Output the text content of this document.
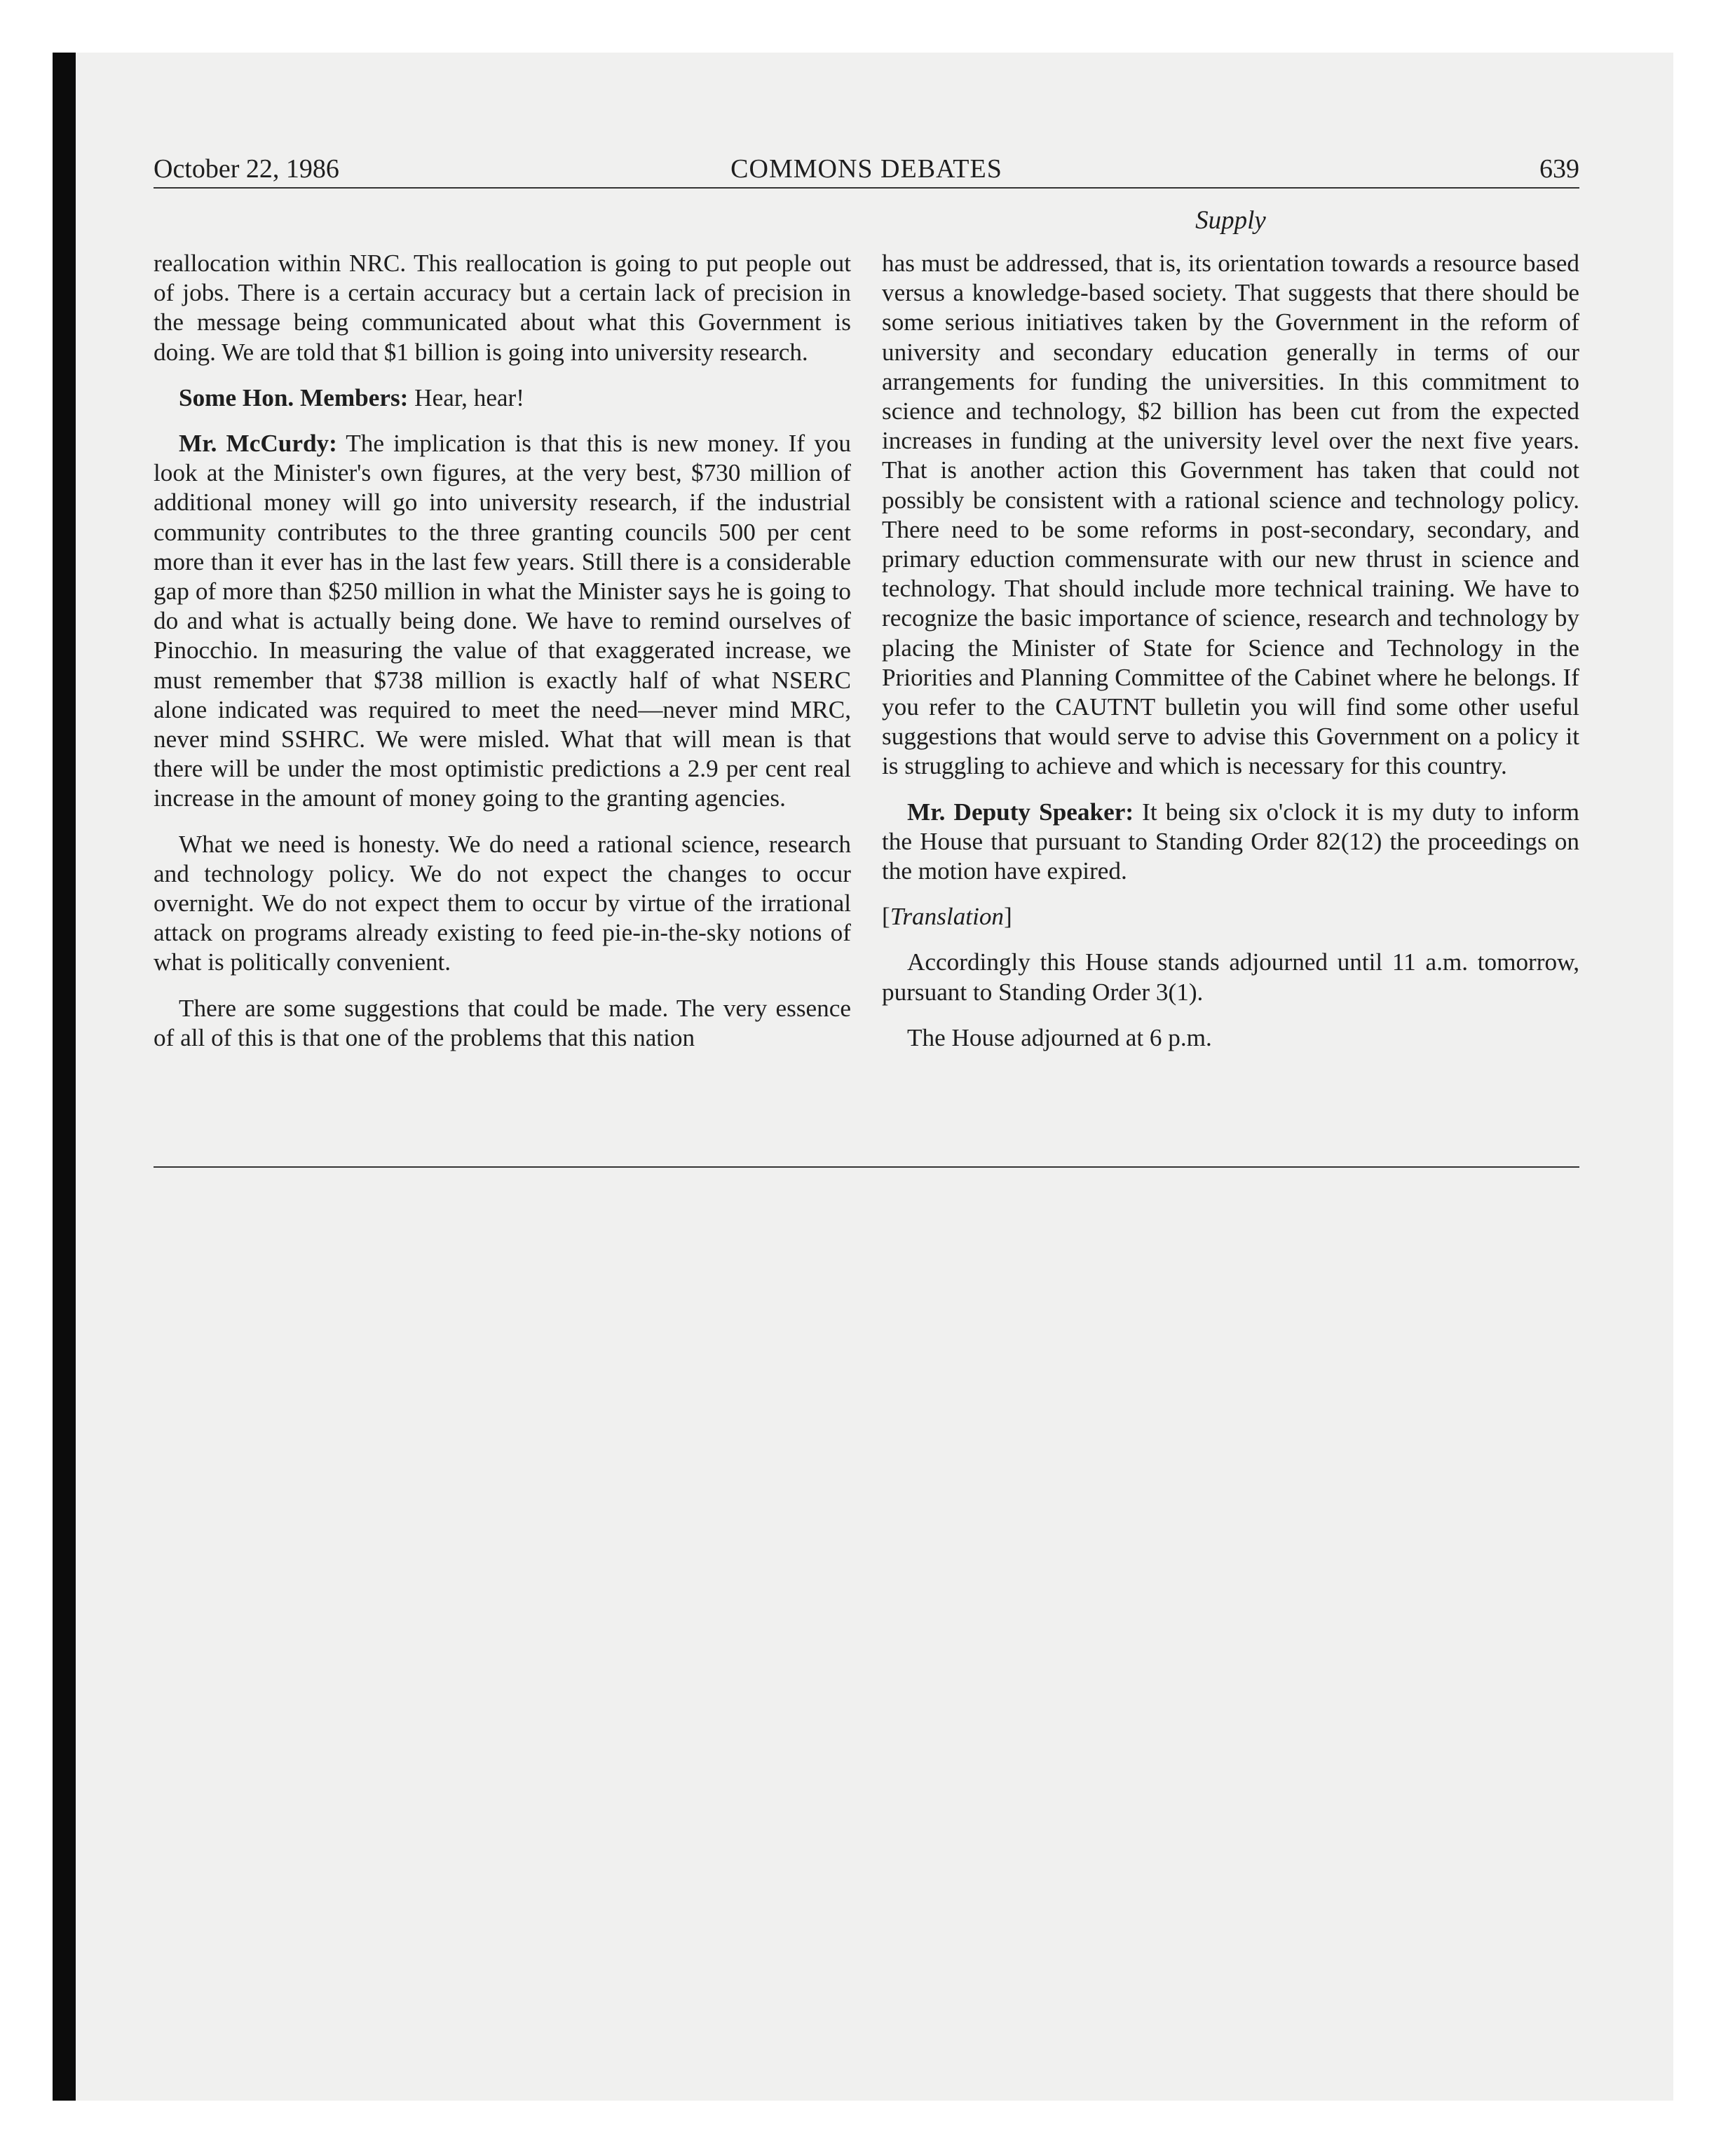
October 22, 1986	COMMONS DEBATES	639
Supply

reallocation within NRC. This reallocation is going to put people out of jobs. There is a certain accuracy but a certain lack of precision in the message being communicated about what this Government is doing. We are told that $1 billion is going into university research.

Some Hon. Members: Hear, hear!

Mr. McCurdy: The implication is that this is new money. If you look at the Minister's own figures, at the very best, $730 million of additional money will go into university research, if the industrial community contributes to the three granting councils 500 per cent more than it ever has in the last few years. Still there is a considerable gap of more than $250 million in what the Minister says he is going to do and what is actually being done. We have to remind ourselves of Pinocchio. In measuring the value of that exaggerated increase, we must remember that $738 million is exactly half of what NSERC alone indicated was required to meet the need—never mind MRC, never mind SSHRC. We were misled. What that will mean is that there will be under the most optimistic predictions a 2.9 per cent real increase in the amount of money going to the granting agencies.

What we need is honesty. We do need a rational science, research and technology policy. We do not expect the changes to occur overnight. We do not expect them to occur by virtue of the irrational attack on programs already existing to feed pie-in-the-sky notions of what is politically convenient.

There are some suggestions that could be made. The very essence of all of this is that one of the problems that this nation

has must be addressed, that is, its orientation towards a resource based versus a knowledge-based society. That suggests that there should be some serious initiatives taken by the Government in the reform of university and secondary education generally in terms of our arrangements for funding the universities. In this commitment to science and technology, $2 billion has been cut from the expected increases in funding at the university level over the next five years. That is another action this Government has taken that could not possibly be consistent with a rational science and technology policy. There need to be some reforms in post-secondary, secondary, and primary eduction commensurate with our new thrust in science and technology. That should include more technical training. We have to recognize the basic importance of science, research and technology by placing the Minister of State for Science and Technology in the Priorities and Planning Committee of the Cabinet where he belongs. If you refer to the CAUTNT bulletin you will find some other useful suggestions that would serve to advise this Government on a policy it is struggling to achieve and which is necessary for this country.

Mr. Deputy Speaker: It being six o'clock it is my duty to inform the House that pursuant to Standing Order 82(12) the proceedings on the motion have expired.

[Translation]

Accordingly this House stands adjourned until 11 a.m. tomorrow, pursuant to Standing Order 3(1).

The House adjourned at 6 p.m.
